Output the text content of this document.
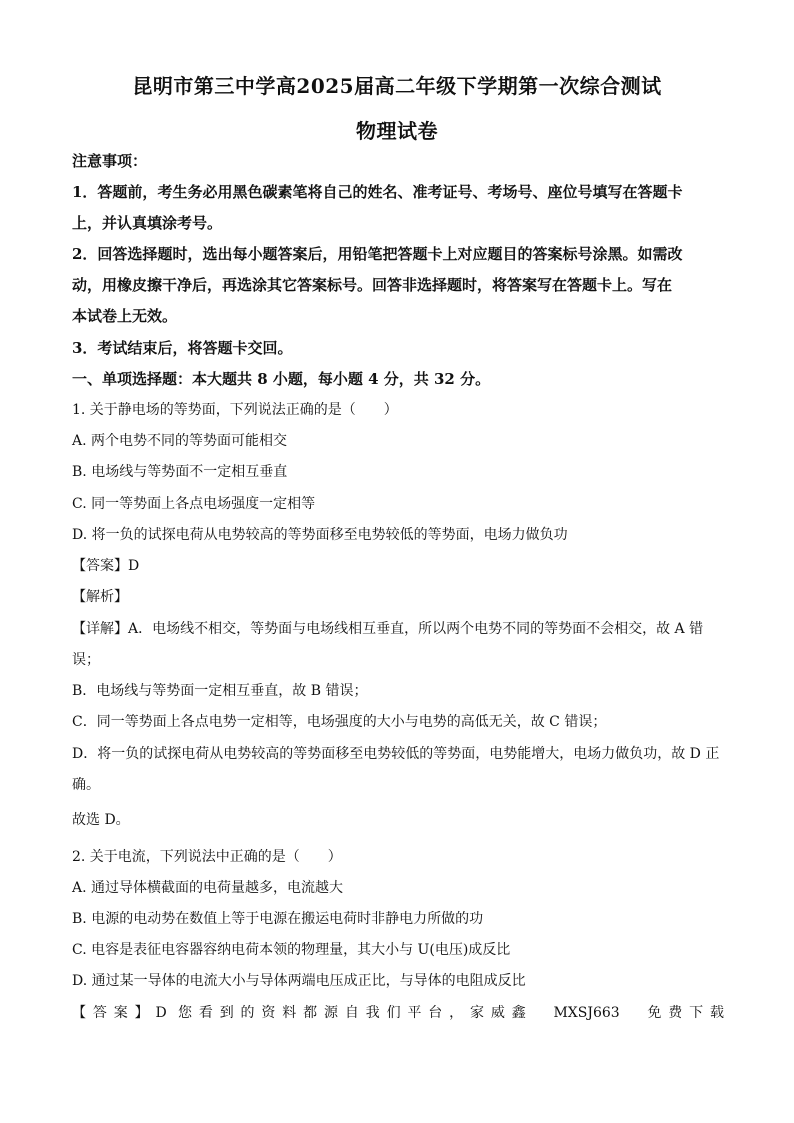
昆明市第三中学高2025届高二年级下学期第一次综合测试
物理试卷
注意事项：
1．答题前，考生务必用黑色碳素笔将自己的姓名、准考证号、考场号、座位号填写在答题卡
上，并认真填涂考号。
2．回答选择题时，选出每小题答案后，用铅笔把答题卡上对应题目的答案标号涂黑。如需改
动，用橡皮擦干净后，再选涂其它答案标号。回答非选择题时，将答案写在答题卡上。写在
本试卷上无效。
3．考试结束后，将答题卡交回。
一、单项选择题：本大题共 8 小题，每小题 4 分，共 32 分。
1. 关于静电场的等势面，下列说法正确的是（　　）
A. 两个电势不同的等势面可能相交
B. 电场线与等势面不一定相互垂直
C. 同一等势面上各点电场强度一定相等
D. 将一负的试探电荷从电势较高的等势面移至电势较低的等势面，电场力做负功
【答案】D
【解析】
【详解】A．电场线不相交，等势面与电场线相互垂直，所以两个电势不同的等势面不会相交，故 A 错
误；
B．电场线与等势面一定相互垂直，故 B 错误；
C．同一等势面上各点电势一定相等，电场强度的大小与电势的高低无关，故 C 错误；
D．将一负的试探电荷从电势较高的等势面移至电势较低的等势面，电势能增大，电场力做负功，故 D 正
确。
故选 D。
2. 关于电流，下列说法中正确的是（　　）
A. 通过导体横截面的电荷量越多，电流越大
B. 电源的电动势在数值上等于电源在搬运电荷时非静电力所做的功
C. 电容是表征电容器容纳电荷本领的物理量，其大小与 U(电压)成反比
D. 通过某一导体的电流大小与导体两端电压成正比，与导体的电阻成反比
【答案】D 您看到的资料都源自我们平台，家威鑫　MXSJ663　免费下载
